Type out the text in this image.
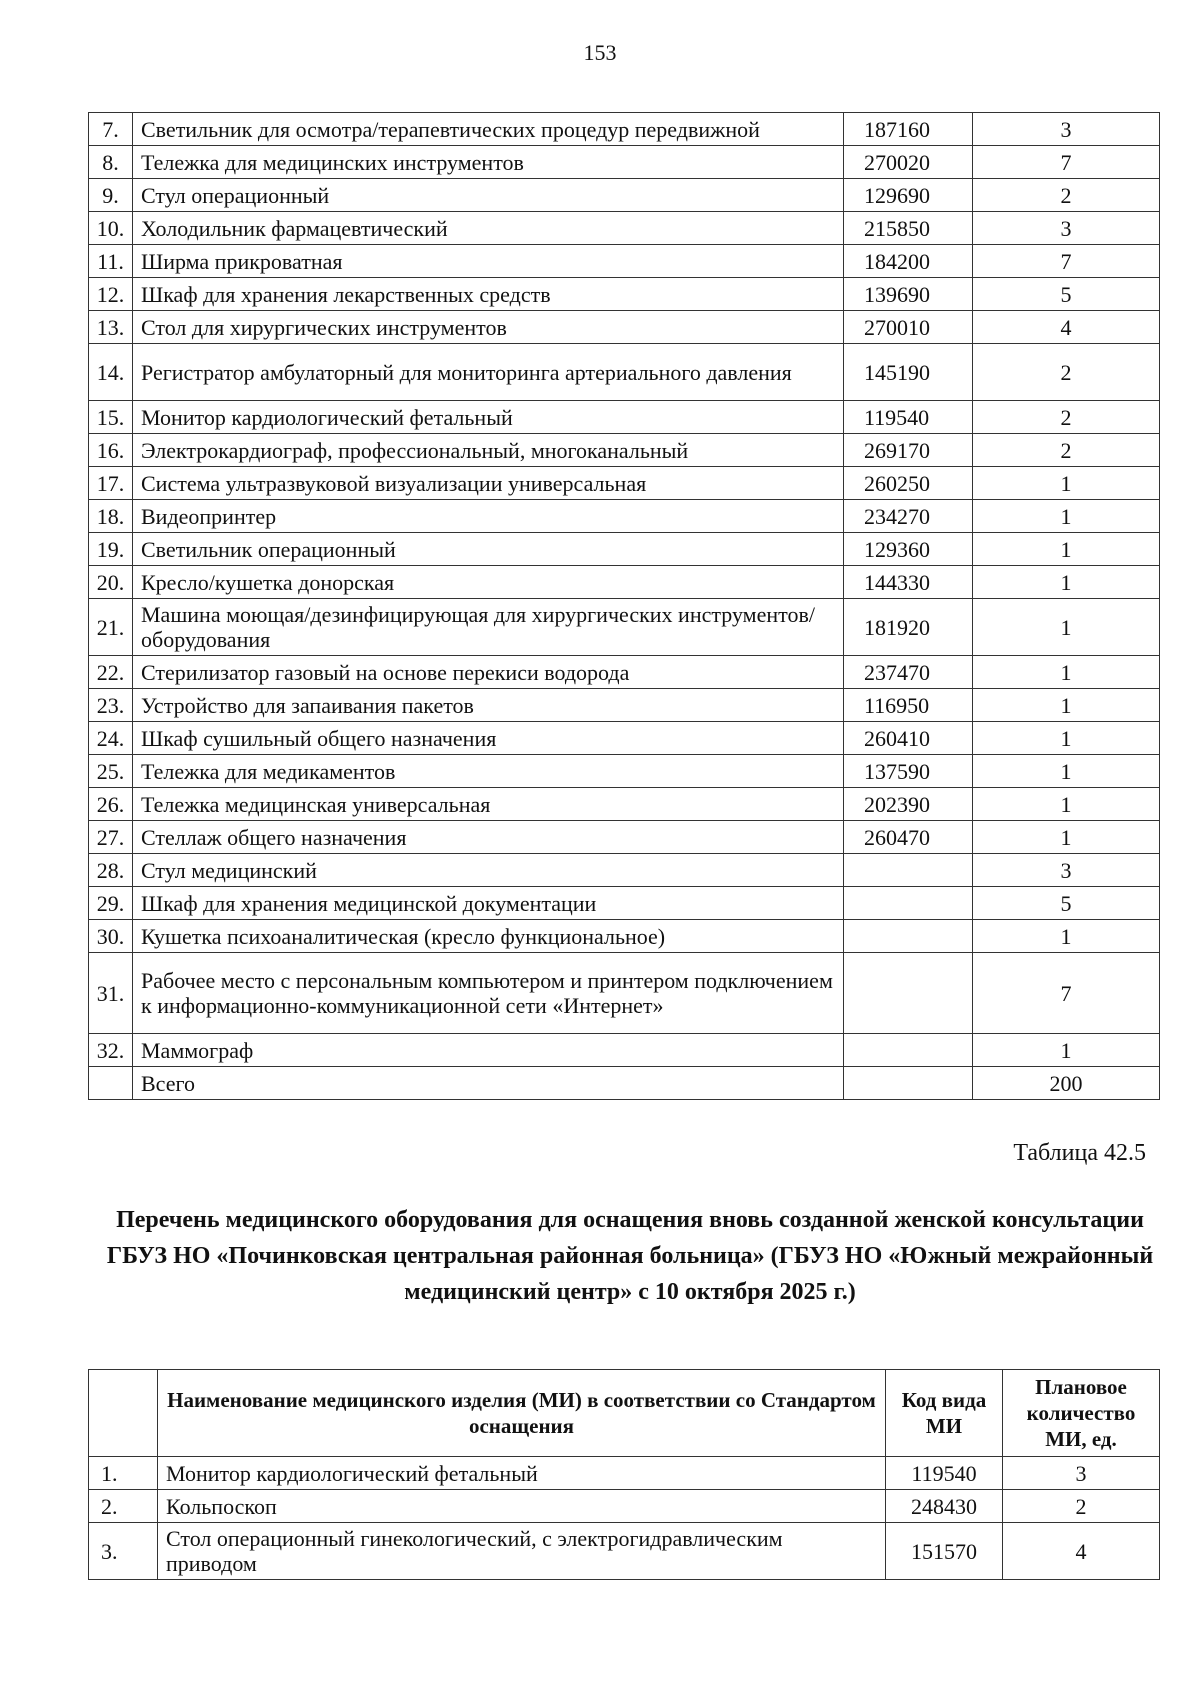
153
7.	Светильник для осмотра/терапевтических процедур передвижной	187160	3
8.	Тележка для медицинских инструментов	270020	7
9.	Стул операционный	129690	2
10.	Холодильник фармацевтический	215850	3
11.	Ширма прикроватная	184200	7
12.	Шкаф для хранения лекарственных средств	139690	5
13.	Стол для хирургических инструментов	270010	4
14.	Регистратор амбулаторный для мониторинга артериального давления	145190	2
15.	Монитор кардиологический фетальный	119540	2
16.	Электрокардиограф, профессиональный, многоканальный	269170	2
17.	Система ультразвуковой визуализации универсальная	260250	1
18.	Видеопринтер	234270	1
19.	Светильник операционный	129360	1
20.	Кресло/кушетка донорская	144330	1
21.	Машина моющая/дезинфицирующая для хирургических инструментов/оборудования	181920	1
22.	Стерилизатор газовый на основе перекиси водорода	237470	1
23.	Устройство для запаивания пакетов	116950	1
24.	Шкаф сушильный общего назначения	260410	1
25.	Тележка для медикаментов	137590	1
26.	Тележка медицинская универсальная	202390	1
27.	Стеллаж общего назначения	260470	1
28.	Стул медицинский		3
29.	Шкаф для хранения медицинской документации		5
30.	Кушетка психоаналитическая (кресло функциональное)		1
31.	Рабочее место с персональным компьютером и принтером подключением к информационно-коммуникационной сети «Интернет»		7
32.	Маммограф		1
	Всего		200
Таблица 42.5
Перечень медицинского оборудования для оснащения вновь созданной женской консультации ГБУЗ НО «Починковская центральная районная больница» (ГБУЗ НО «Южный межрайонный медицинский центр» с 10 октября 2025 г.)
	Наименование медицинского изделия (МИ) в соответствии со Стандартом оснащения	Код вида МИ	Плановое количество МИ, ед.
1.	Монитор кардиологический фетальный	119540	3
2.	Кольпоскоп	248430	2
3.	Стол операционный гинекологический, с электрогидравлическим приводом	151570	4
